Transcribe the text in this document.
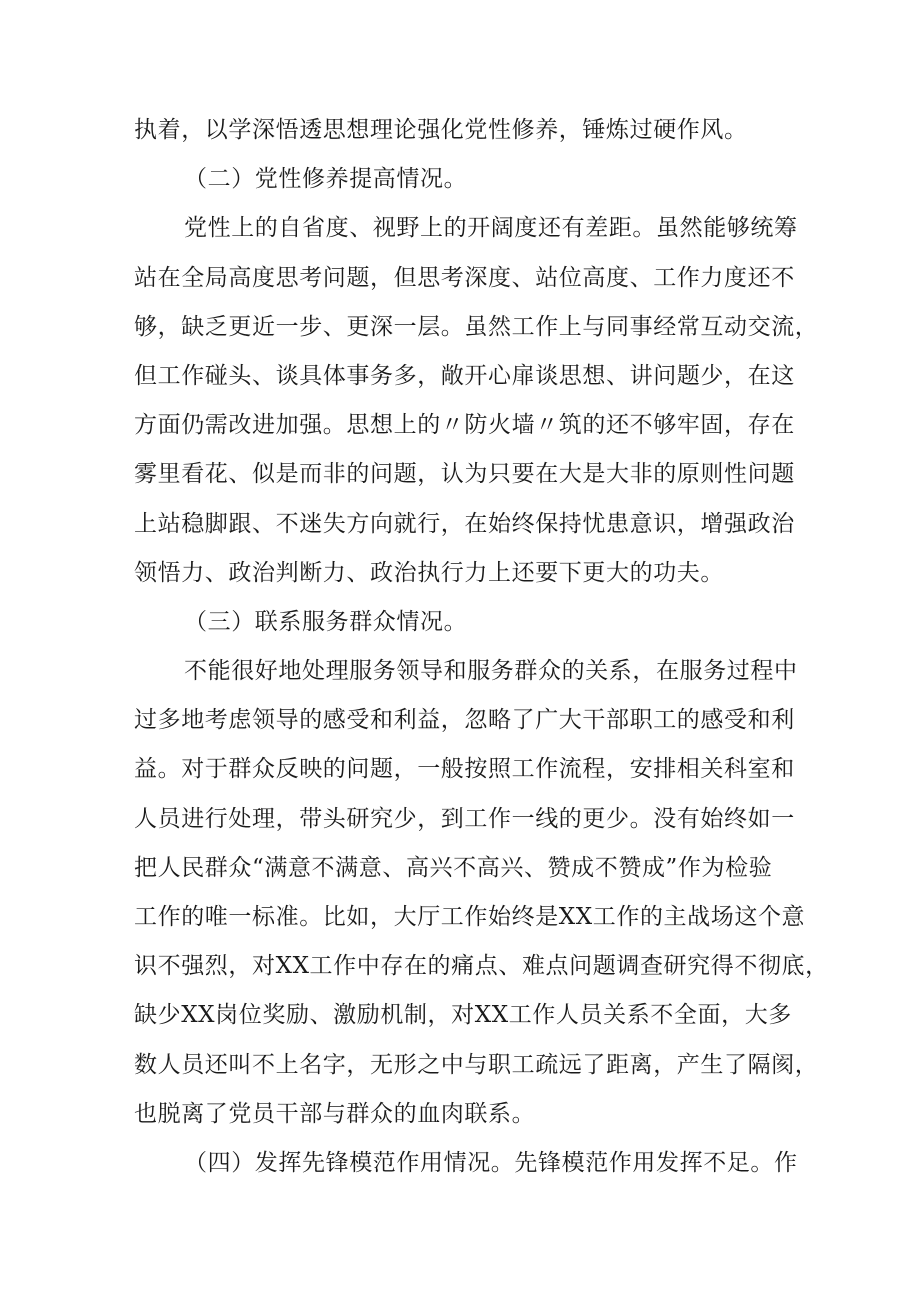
执着，以学深悟透思想理论强化党性修养，锤炼过硬作风。
（二）党性修养提高情况。
党性上的自省度、视野上的开阔度还有差距。虽然能够统筹
站在全局高度思考问题，但思考深度、站位高度、工作力度还不
够，缺乏更近一步、更深一层。虽然工作上与同事经常互动交流，
但工作碰头、谈具体事务多，敞开心扉谈思想、讲问题少，在这
方面仍需改进加强。思想上的〃防火墙〃筑的还不够牢固，存在
雾里看花、似是而非的问题，认为只要在大是大非的原则性问题
上站稳脚跟、不迷失方向就行，在始终保持忧患意识，增强政治
领悟力、政治判断力、政治执行力上还要下更大的功夫。
（三）联系服务群众情况。
不能很好地处理服务领导和服务群众的关系，在服务过程中
过多地考虑领导的感受和利益，忽略了广大干部职工的感受和利
益。对于群众反映的问题，一般按照工作流程，安排相关科室和
人员进行处理，带头研究少，到工作一线的更少。没有始终如一
把人民群众“满意不满意、高兴不高兴、赞成不赞成”作为检验
工作的唯一标准。比如，大厅工作始终是XX工作的主战场这个意
识不强烈，对XX工作中存在的痛点、难点问题调查研究得不彻底，
缺少XX岗位奖励、激励机制，对XX工作人员关系不全面，大多
数人员还叫不上名字，无形之中与职工疏远了距离，产生了隔阂，
也脱离了党员干部与群众的血肉联系。
（四）发挥先锋模范作用情况。先锋模范作用发挥不足。作
